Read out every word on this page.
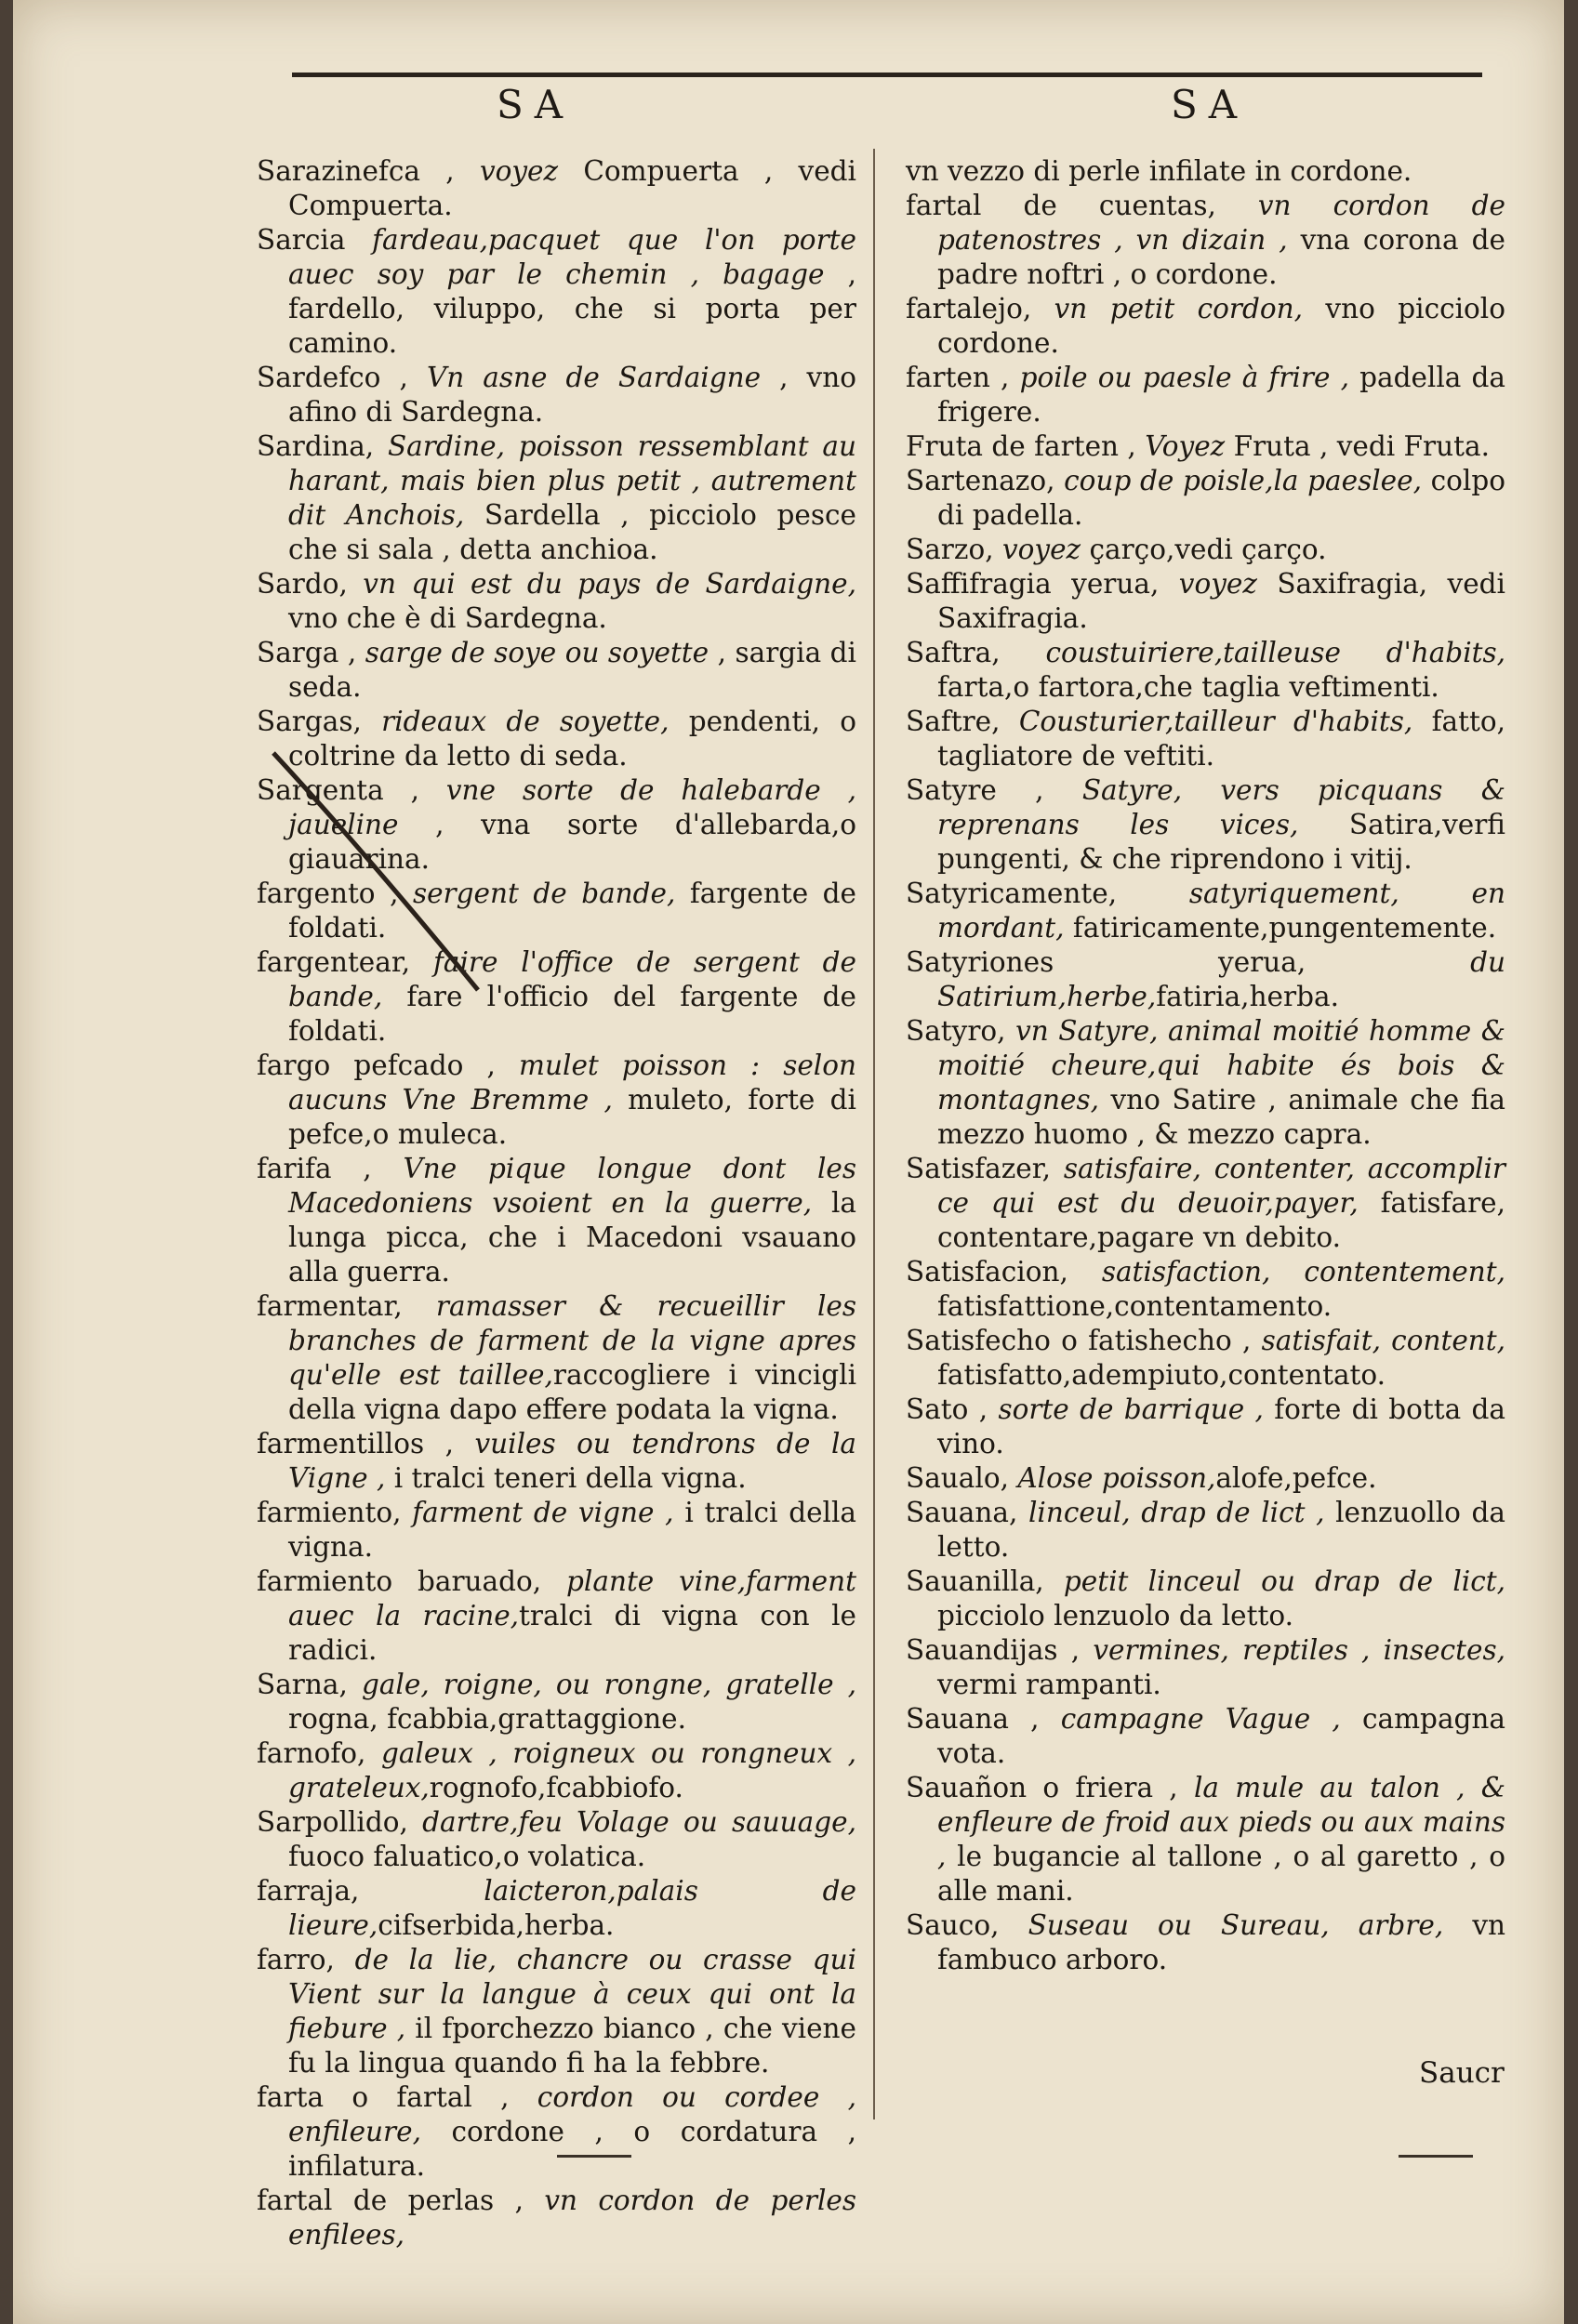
SA	SA

Sarazinefca , voyez Compuerta , vedi Compuerta.

Sarcia fardeau,pacquet que l'on porte auec soy par le chemin , bagage , fardello, viluppo, che si porta per camino.

Sardefco , Vn asne de Sardaigne , vno afino di Sardegna.

Sardina, Sardine, poisson ressemblant au harant, mais bien plus petit , autrement dit Anchois, Sardella , picciolo pesce che si sala , detta anchioa.

Sardo, vn qui est du pays de Sardaigne, vno che è di Sardegna.

Sarga , sarge de soye ou soyette , sargia di seda.

Sargas, rideaux de soyette, pendenti, o coltrine da letto di seda.

Sargenta , vne sorte de halebarde , jaueline , vna sorte d'allebarda,o giauarina.

fargento , sergent de bande, fargente de foldati.

fargentear, faire l'office de sergent de bande, fare l'officio del fargente de foldati.

fargo pefcado , mulet poisson : selon aucuns Vne Bremme , muleto, forte di pefce,o muleca.

farifa , Vne pique longue dont les Macedoniens vsoient en la guerre, la lunga picca, che i Macedoni vsauano alla guerra.

farmentar, ramasser & recueillir les branches de farment de la vigne apres qu'elle est taillee,raccogliere i vincigli della vigna dapo effere podata la vigna.

farmentillos , vuiles ou tendrons de la Vigne , i tralci teneri della vigna.

farmiento, farment de vigne , i tralci della vigna.

farmiento baruado, plante vine,farment auec la racine,tralci di vigna con le radici.

Sarna, gale, roigne, ou rongne, gratelle , rogna, fcabbia,grattaggione.

farnofo, galeux , roigneux ou rongneux , grateleux,rognofo,fcabbiofo.

Sarpollido, dartre,feu Volage ou sauuage, fuoco faluatico,o volatica.

farraja,	laicteron,palais de lieure,cifserbida,herba.

farro, de la lie, chancre ou crasse qui Vient sur la langue à ceux qui ont la fiebure , il fporchezzo bianco , che viene fu la lingua quando fi ha la febbre.

farta o fartal , cordon ou cordee , enfileure, cordone , o cordatura , infilatura.

fartal de perlas , vn cordon de perles enfilees,

vn vezzo di perle infilate in cordone.

fartal de cuentas, vn cordon de patenostres , vn dizain , vna corona de padre noftri , o cordone.

fartalejo, vn petit cordon, vno picciolo cordone.

farten , poile ou paesle à frire , padella da frigere.

Fruta de farten , Voyez Fruta , vedi Fruta.

Sartenazo, coup de poisle,la paeslee, colpo di padella.

Sarzo, voyez çarço,vedi çarço.

Saffifragia yerua, voyez Saxifragia, vedi Saxifragia.

Saftra, coustuiriere,tailleuse d'habits, farta,o fartora,che taglia veftimenti.

Saftre, Cousturier,tailleur d'habits, fatto, tagliatore de veftiti.

Satyre , Satyre, vers picquans & reprenans les vices, Satira,verfi pungenti, & che riprendono i vitij.

Satyricamente,	satyriquement, en mordant, fatiricamente,pungentemente.

Satyriones yerua,	du Satirium,herbe,fatiria,herba.

Satyro, vn Satyre, animal moitié homme & moitié cheure,qui habite és bois & montagnes, vno Satire , animale che fia mezzo huomo , & mezzo capra.

Satisfazer, satisfaire, contenter, accomplir ce qui est du deuoir,payer, fatisfare, contentare,pagare vn debito.

Satisfacion, satisfaction, contentement, fatisfattione,contentamento.

Satisfecho o fatishecho , satisfait, content, fatisfatto,adempiuto,contentato.

Sato , sorte de barrique , forte di botta da vino.

Saualo, Alose poisson,alofe,pefce.

Sauana, linceul, drap de lict , lenzuollo da letto.

Sauanilla, petit linceul ou drap de lict, picciolo lenzuolo da letto.

Sauandijas , vermines, reptiles , insectes, vermi rampanti.

Sauana , campagne Vague , campagna vota.

Sauañon o friera , la mule au talon , & enfleure de froid aux pieds ou aux mains , le bugancie al tallone , o al garetto , o alle mani.

Sauco, Suseau ou Sureau, arbre, vn fambuco arboro.

Saucr
